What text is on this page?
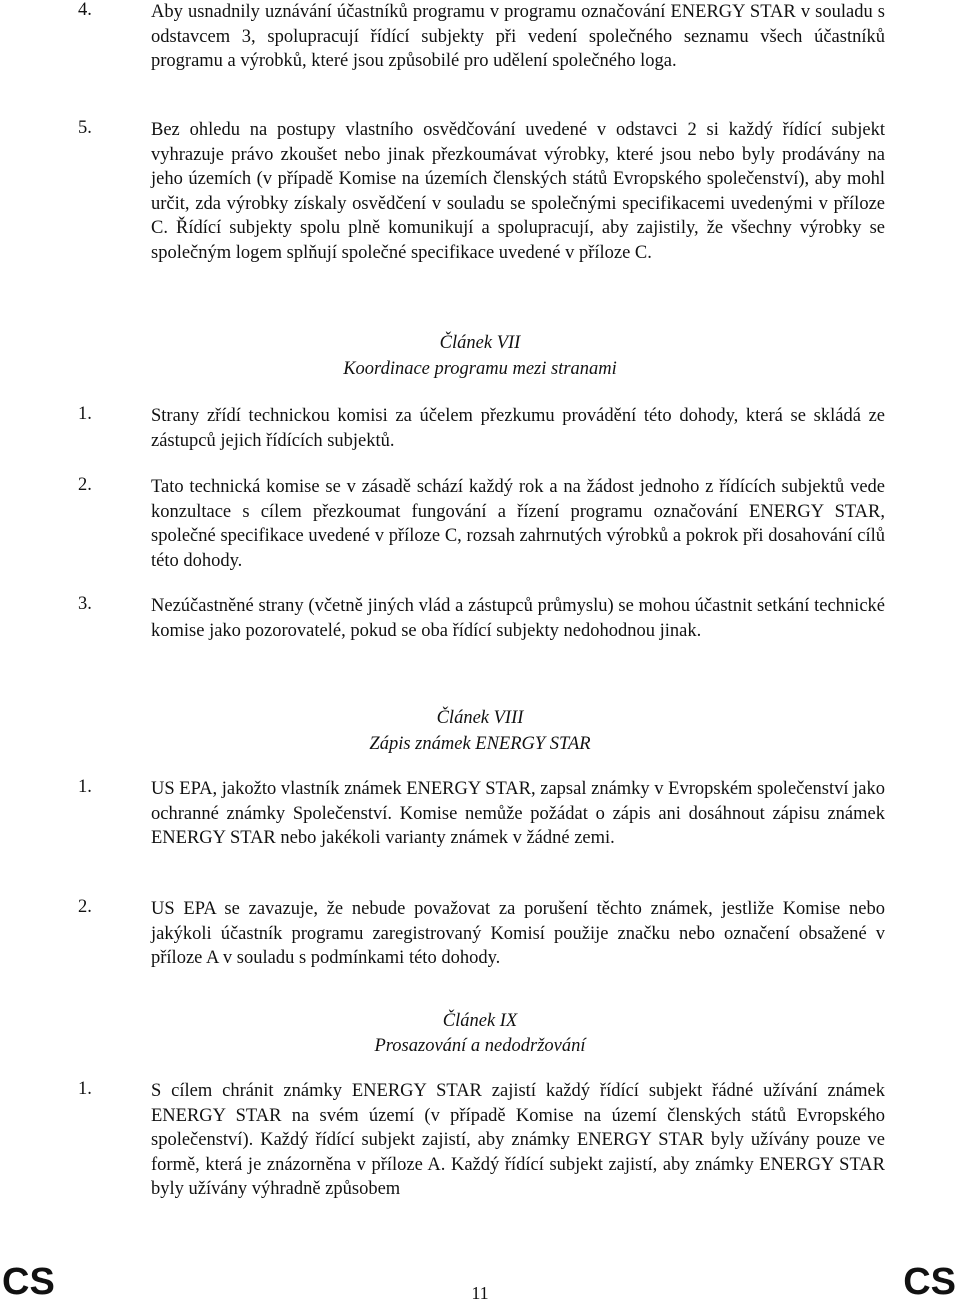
4.	Aby usnadnily uznávání účastníků programu v programu označování ENERGY STAR v souladu s odstavcem 3, spolupracují řídící subjekty při vedení společného seznamu všech účastníků programu a výrobků, které jsou způsobilé pro udělení společného loga.
5.	Bez ohledu na postupy vlastního osvědčování uvedené v odstavci 2 si každý řídící subjekt vyhrazuje právo zkoušet nebo jinak přezkoumávat výrobky, které jsou nebo byly prodávány na jeho územích (v případě Komise na územích členských států Evropského společenství), aby mohl určit, zda výrobky získaly osvědčení v souladu se společnými specifikacemi uvedenými v příloze C. Řídící subjekty spolu plně komunikují a spolupracují, aby zajistily, že všechny výrobky se společným logem splňují společné specifikace uvedené v příloze C.
Článek VII
Koordinace programu mezi stranami
1.	Strany zřídí technickou komisi za účelem přezkumu provádění této dohody, která se skládá ze zástupců jejich řídících subjektů.
2.	Tato technická komise se v zásadě schází každý rok a na žádost jednoho z řídících subjektů vede konzultace s cílem přezkoumat fungování a řízení programu označování ENERGY STAR, společné specifikace uvedené v příloze C, rozsah zahrnutých výrobků a pokrok při dosahování cílů této dohody.
3.	Nezúčastněné strany (včetně jiných vlád a zástupců průmyslu) se mohou účastnit setkání technické komise jako pozorovatelé, pokud se oba řídící subjekty nedohodnou jinak.
Článek VIII
Zápis známek ENERGY STAR
1.	US EPA, jakožto vlastník známek ENERGY STAR, zapsal známky v Evropském společenství jako ochranné známky Společenství. Komise nemůže požádat o zápis ani dosáhnout zápisu známek ENERGY STAR nebo jakékoli varianty známek v žádné zemi.
2.	US EPA se zavazuje, že nebude považovat za porušení těchto známek, jestliže Komise nebo jakýkoli účastník programu zaregistrovaný Komisí použije značku nebo označení obsažené v příloze A v souladu s podmínkami této dohody.
Článek IX
Prosazování a nedodržování
1.	S cílem chránit známky ENERGY STAR zajistí každý řídící subjekt řádné užívání známek ENERGY STAR na svém území (v případě Komise na území členských států Evropského společenství). Každý řídící subjekt zajistí, aby známky ENERGY STAR byly užívány pouze ve formě, která je znázorněna v příloze A. Každý řídící subjekt zajistí, aby známky ENERGY STAR byly užívány výhradně způsobem
CS	11	CS
